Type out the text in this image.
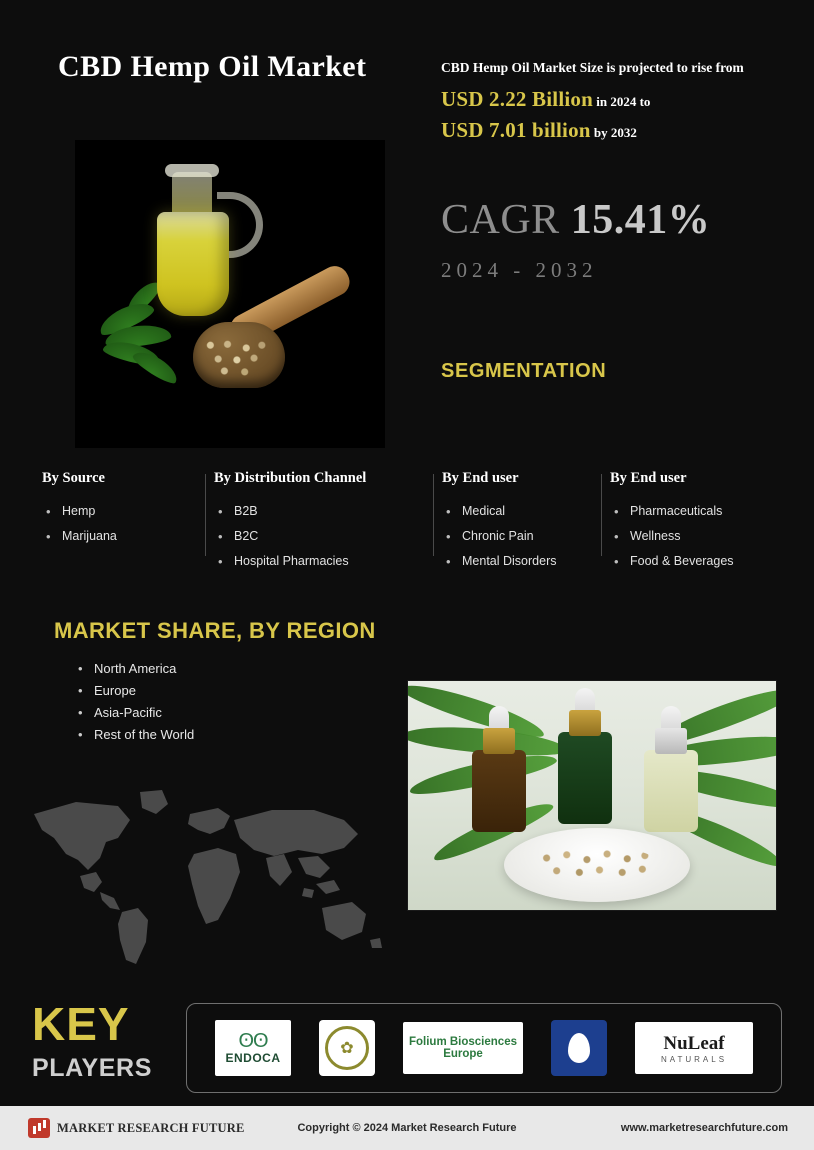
CBD Hemp Oil Market	CBD Hemp Oil Market Size is projected to rise from
USD 2.22 Billion in 2024 to
USD 7.01 billion by 2032
CAGR 15.41%
2024 - 2032
SEGMENTATION
By Source
• Hemp
• Marijuana
By Distribution Channel
• B2B
• B2C
• Hospital Pharmacies
By End user
• Medical
• Chronic Pain
• Mental Disorders
By End user
• Pharmaceuticals
• Wellness
• Food & Beverages
MARKET SHARE, BY REGION
• North America
• Europe
• Asia-Pacific
• Rest of the World
KEY
PLAYERS
ʘʘ
ENDOCA
✿	Folium Biosciences
Europe
NuLeaf
NATURALS
MARKET RESEARCH FUTURE	Copyright © 2024 Market Research Future	www.marketresearchfuture.com
